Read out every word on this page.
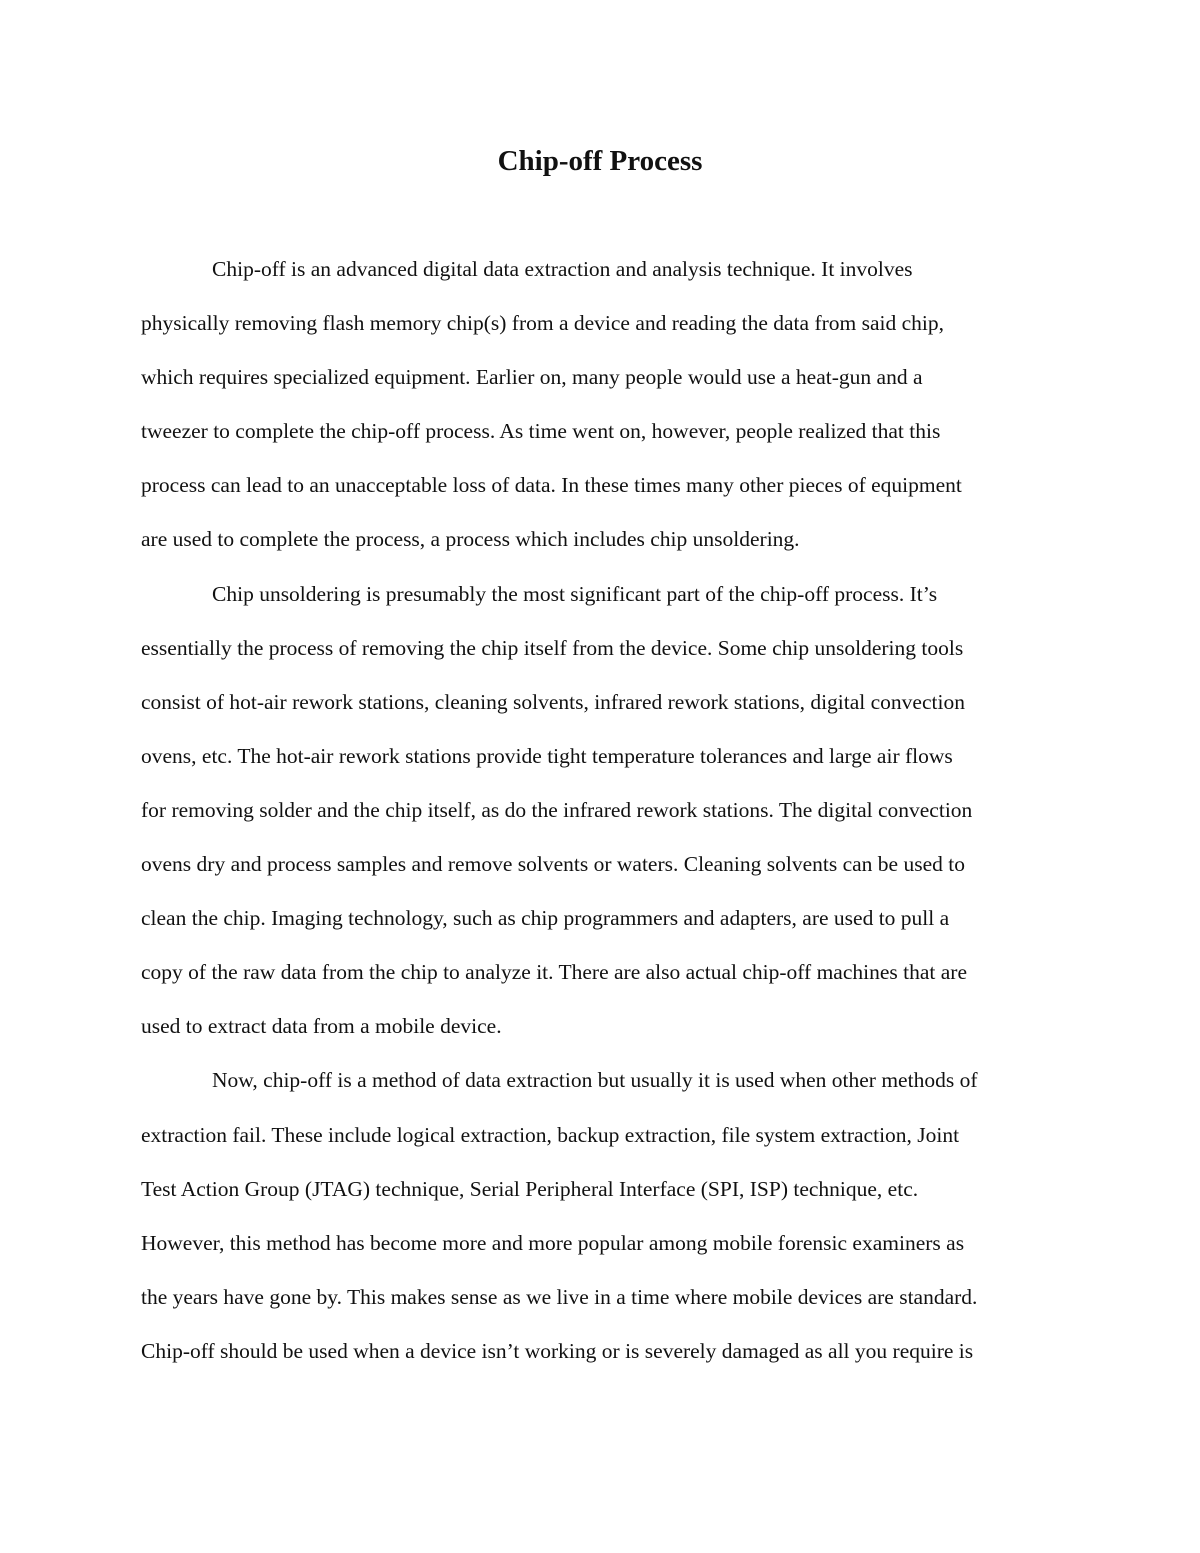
Chip-off Process

Chip-off is an advanced digital data extraction and analysis technique. It involves
physically removing flash memory chip(s) from a device and reading the data from said chip,
which requires specialized equipment. Earlier on, many people would use a heat-gun and a
tweezer to complete the chip-off process. As time went on, however, people realized that this
process can lead to an unacceptable loss of data. In these times many other pieces of equipment
are used to complete the process, a process which includes chip unsoldering.

Chip unsoldering is presumably the most significant part of the chip-off process. It’s
essentially the process of removing the chip itself from the device. Some chip unsoldering tools
consist of hot-air rework stations, cleaning solvents, infrared rework stations, digital convection
ovens, etc. The hot-air rework stations provide tight temperature tolerances and large air flows
for removing solder and the chip itself, as do the infrared rework stations. The digital convection
ovens dry and process samples and remove solvents or waters. Cleaning solvents can be used to
clean the chip. Imaging technology, such as chip programmers and adapters, are used to pull a
copy of the raw data from the chip to analyze it. There are also actual chip-off machines that are
used to extract data from a mobile device.

Now, chip-off is a method of data extraction but usually it is used when other methods of
extraction fail. These include logical extraction, backup extraction, file system extraction, Joint
Test Action Group (JTAG) technique, Serial Peripheral Interface (SPI, ISP) technique, etc.
However, this method has become more and more popular among mobile forensic examiners as
the years have gone by. This makes sense as we live in a time where mobile devices are standard.
Chip-off should be used when a device isn’t working or is severely damaged as all you require is
